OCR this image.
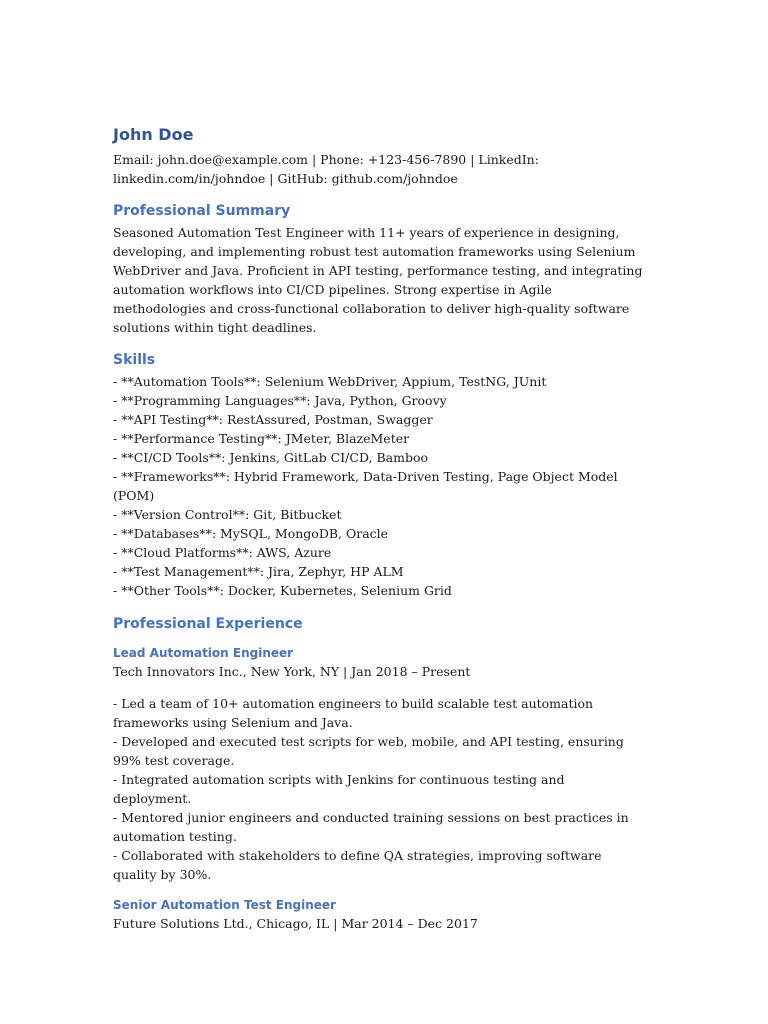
John Doe

Email: john.doe@example.com | Phone: +123-456-7890 | LinkedIn:

linkedin.com/in/johndoe | GitHub: github.com/johndoe

Professional Summary

Seasoned Automation Test Engineer with 11+ years of experience in designing, developing, and implementing robust test automation frameworks using Selenium WebDriver and Java. Proficient in API testing, performance testing, and integrating automation workflows into CI/CD pipelines. Strong expertise in Agile methodologies and cross-functional collaboration to deliver high-quality software solutions within tight deadlines.

Skills
- **Automation Tools**: Selenium WebDriver, Appium, TestNG, JUnit
- **Programming Languages**: Java, Python, Groovy
- **API Testing**: RestAssured, Postman, Swagger
- **Performance Testing**: JMeter, BlazeMeter
- **CI/CD Tools**: Jenkins, GitLab CI/CD, Bamboo
- **Frameworks**: Hybrid Framework, Data-Driven Testing, Page Object Model (POM)
- **Version Control**: Git, Bitbucket
- **Databases**: MySQL, MongoDB, Oracle
- **Cloud Platforms**: AWS, Azure
- **Test Management**: Jira, Zephyr, HP ALM
- **Other Tools**: Docker, Kubernetes, Selenium Grid
Professional Experience
Lead Automation Engineer

Tech Innovators Inc., New York, NY | Jan 2018 – Present

- Led a team of 10+ automation engineers to build scalable test automation frameworks using Selenium and Java.
- Developed and executed test scripts for web, mobile, and API testing, ensuring 99% test coverage.
- Integrated automation scripts with Jenkins for continuous testing and deployment.
- Mentored junior engineers and conducted training sessions on best practices in automation testing.
- Collaborated with stakeholders to define QA strategies, improving software quality by 30%.
Senior Automation Test Engineer

Future Solutions Ltd., Chicago, IL | Mar 2014 – Dec 2017
